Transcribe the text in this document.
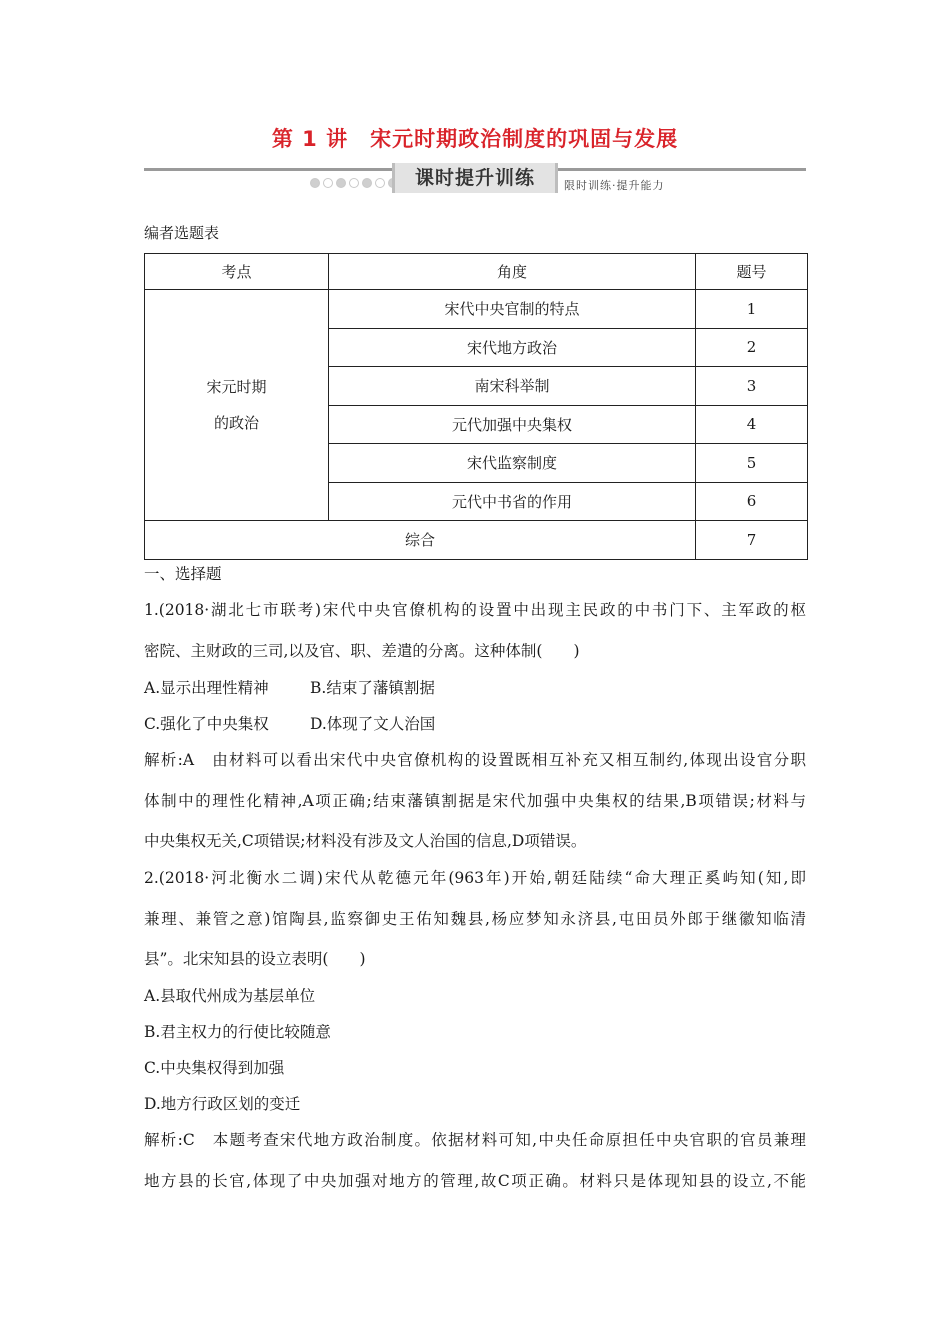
第 1 讲　宋元时期政治制度的巩固与发展
课时提升训练	限时训练·提升能力
编者选题表
考点	角度	题号

宋元时期
的政治	宋代中央官制的特点	1
	宋代地方政治	2
	南宋科举制	3
	元代加强中央集权	4
	宋代监察制度	5
	元代中书省的作用	6
综合		7
一、选择题
1.(2018·湖北七市联考)宋代中央官僚机构的设置中出现主民政的中书门下、主军政的枢
密院、主财政的三司,以及官、职、差遣的分离。这种体制(　　)
A.显示出理性精神	B.结束了藩镇割据
C.强化了中央集权	D.体现了文人治国
解析:A　由材料可以看出宋代中央官僚机构的设置既相互补充又相互制约,体现出设官分职
体制中的理性化精神,A项正确;结束藩镇割据是宋代加强中央集权的结果,B项错误;材料与
中央集权无关,C项错误;材料没有涉及文人治国的信息,D项错误。
2.(2018·河北衡水二调)宋代从乾德元年(963年)开始,朝廷陆续“命大理正奚屿知(知,即
兼理、兼管之意)馆陶县,监察御史王佑知魏县,杨应梦知永济县,屯田员外郎于继徽知临清
县”。北宋知县的设立表明(　　)
A.县取代州成为基层单位
B.君主权力的行使比较随意
C.中央集权得到加强
D.地方行政区划的变迁
解析:C　本题考查宋代地方政治制度。依据材料可知,中央任命原担任中央官职的官员兼理
地方县的长官,体现了中央加强对地方的管理,故C项正确。材料只是体现知县的设立,不能
